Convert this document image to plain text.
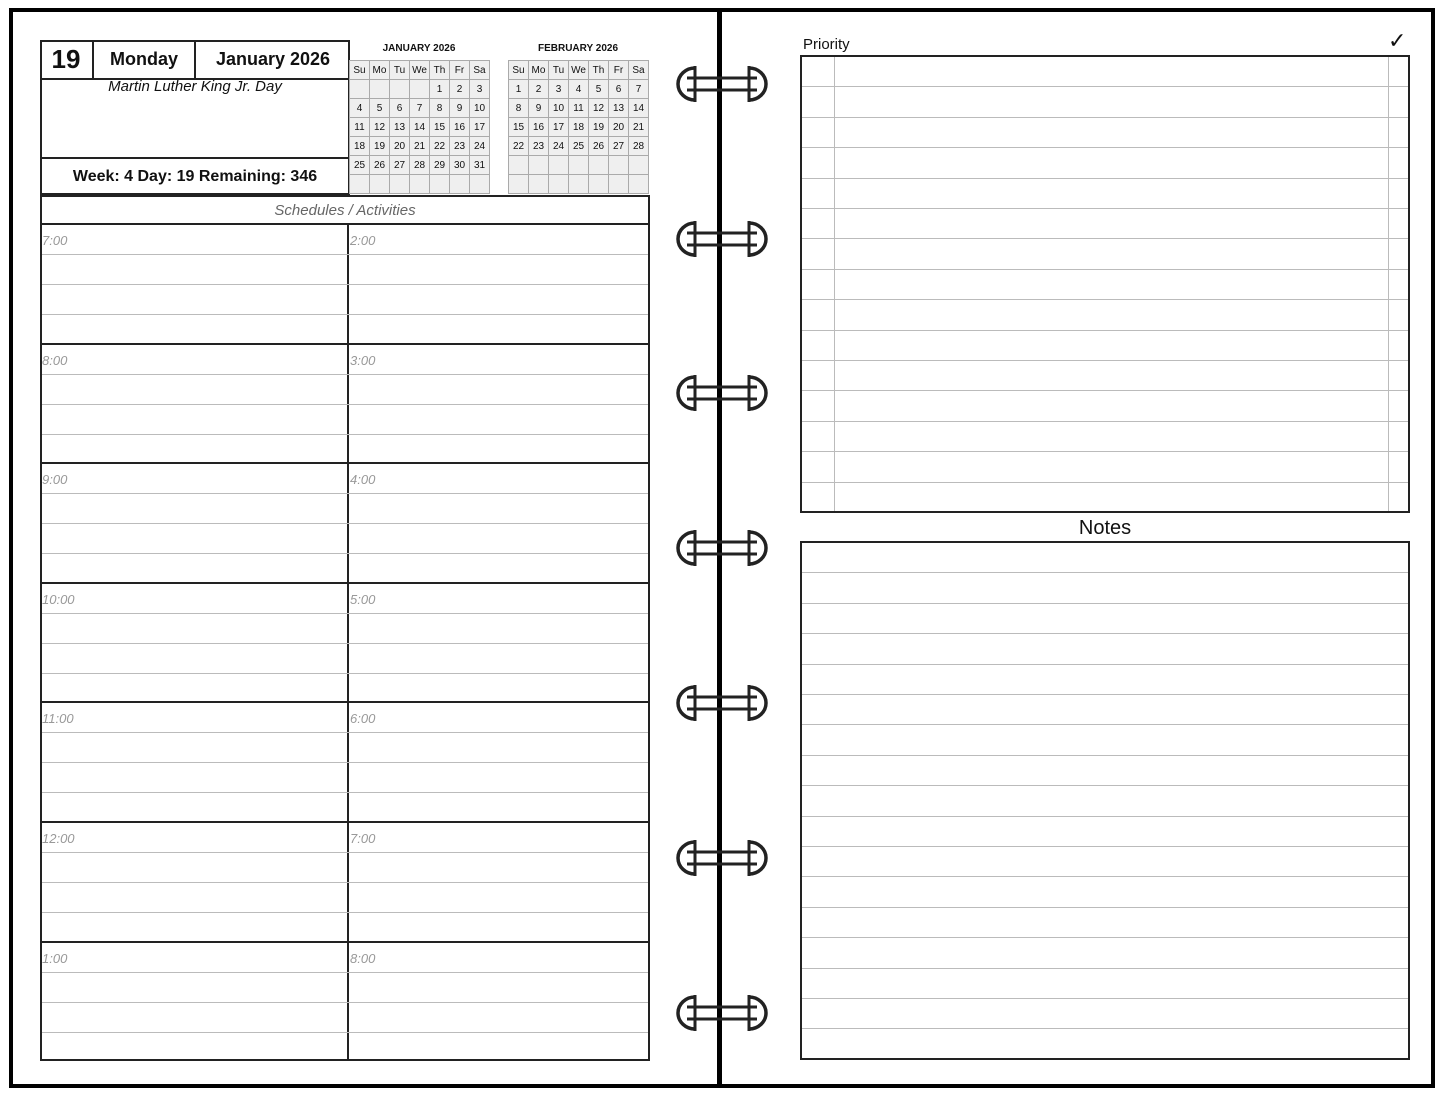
19	Monday	January 2026
Martin Luther King Jr. Day
Week: 4 Day: 19 Remaining: 346
JANUARY 2026
Su	Mo	Tu	We	Th	Fr	Sa
				1	2	3
4	5	6	7	8	9	10
11	12	13	14	15	16	17
18	19	20	21	22	23	24
25	26	27	28	29	30	31

FEBRUARY 2026
Su	Mo	Tu	We	Th	Fr	Sa
1	2	3	4	5	6	7
8	9	10	11	12	13	14
15	16	17	18	19	20	21
22	23	24	25	26	27	28

Schedules / Activities
7:00	2:00
8:00	3:00
9:00	4:00
10:00	5:00
11:00	6:00
12:00	7:00
1:00	8:00
Priority	✓
Notes
